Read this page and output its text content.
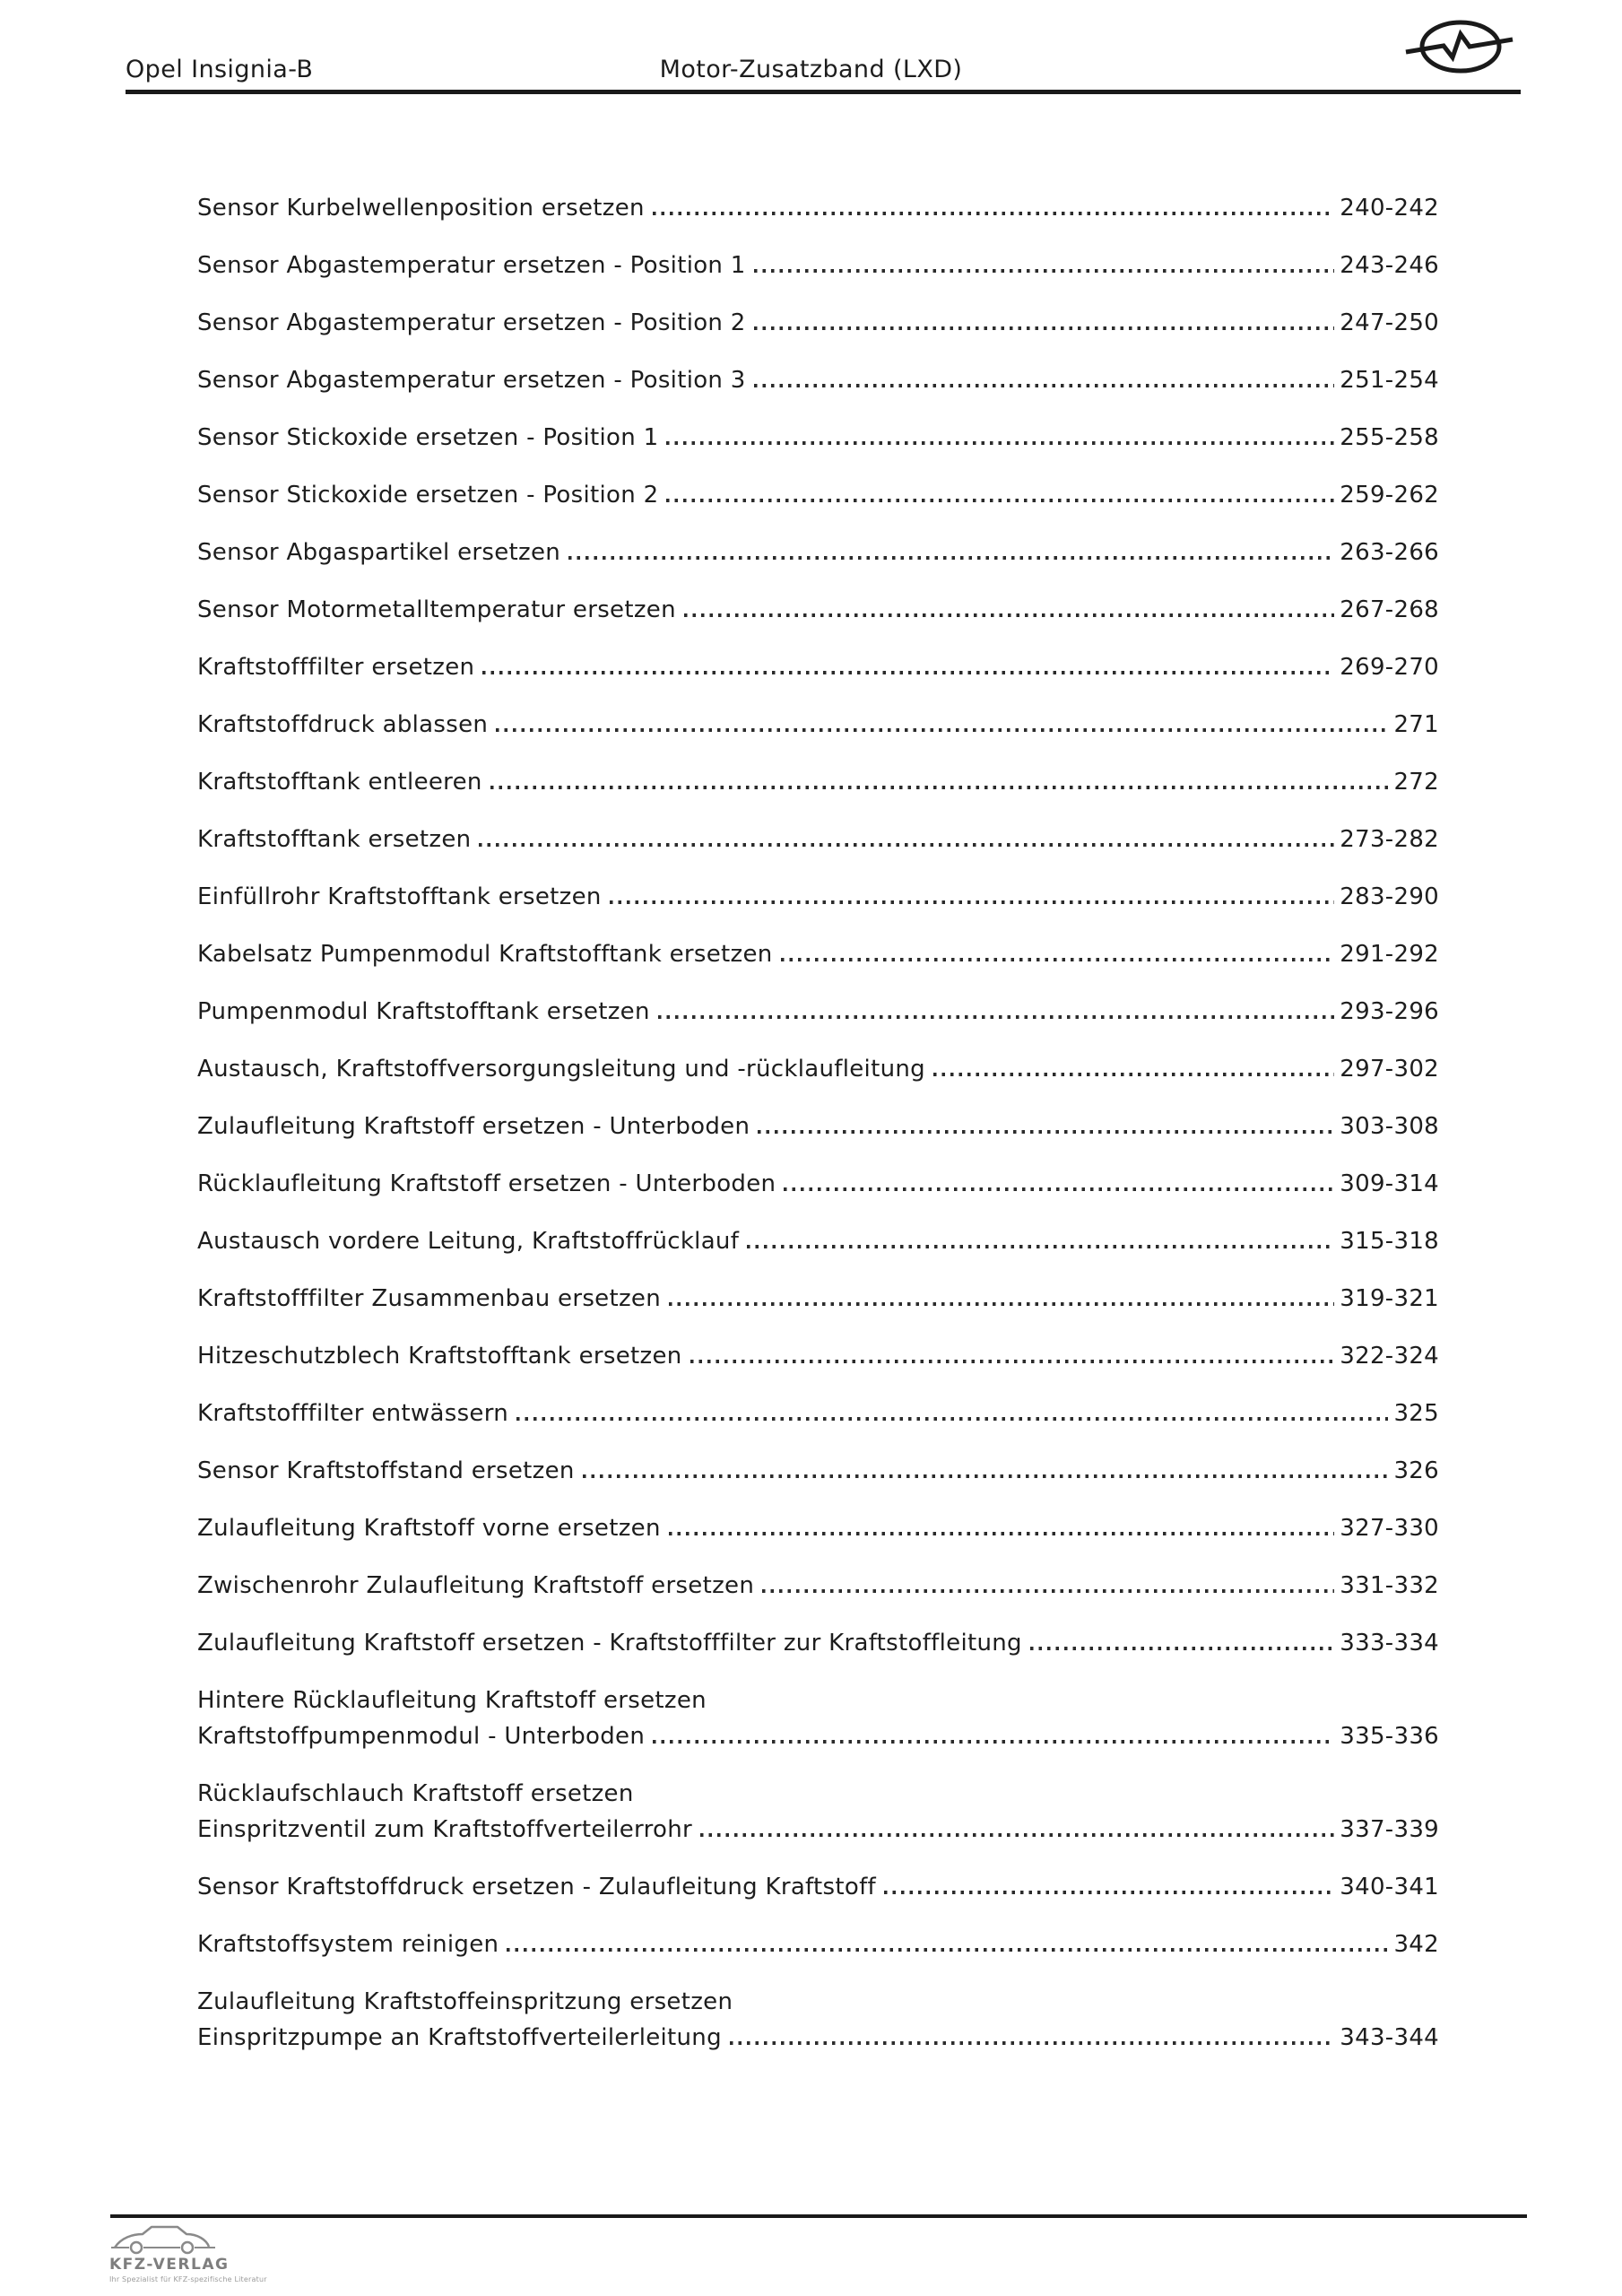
Opel Insignia-B	Motor-Zusatzband (LXD)
Sensor Kurbelwellenposition ersetzen	240-242
Sensor Abgastemperatur ersetzen - Position 1	243-246
Sensor Abgastemperatur ersetzen - Position 2	247-250
Sensor Abgastemperatur ersetzen - Position 3	251-254
Sensor Stickoxide ersetzen - Position 1	255-258
Sensor Stickoxide ersetzen - Position 2	259-262
Sensor Abgaspartikel ersetzen	263-266
Sensor Motormetalltemperatur ersetzen	267-268
Kraftstofffilter ersetzen	269-270
Kraftstoffdruck ablassen	271
Kraftstofftank entleeren	272
Kraftstofftank ersetzen	273-282
Einfüllrohr Kraftstofftank ersetzen	283-290
Kabelsatz Pumpenmodul Kraftstofftank ersetzen	291-292
Pumpenmodul Kraftstofftank ersetzen	293-296
Austausch, Kraftstoffversorgungsleitung und -rücklaufleitung	297-302
Zulaufleitung Kraftstoff ersetzen - Unterboden	303-308
Rücklaufleitung Kraftstoff ersetzen - Unterboden	309-314
Austausch vordere Leitung, Kraftstoffrücklauf	315-318
Kraftstofffilter Zusammenbau ersetzen	319-321
Hitzeschutzblech Kraftstofftank ersetzen	322-324
Kraftstofffilter entwässern	325
Sensor Kraftstoffstand ersetzen	326
Zulaufleitung Kraftstoff vorne ersetzen	327-330
Zwischenrohr Zulaufleitung Kraftstoff ersetzen	331-332
Zulaufleitung Kraftstoff ersetzen - Kraftstofffilter zur Kraftstoffleitung	333-334
Hintere Rücklaufleitung Kraftstoff ersetzen
Kraftstoffpumpenmodul - Unterboden	335-336
Rücklaufschlauch Kraftstoff ersetzen
Einspritzventil zum Kraftstoffverteilerrohr	337-339
Sensor Kraftstoffdruck ersetzen - Zulaufleitung Kraftstoff	340-341
Kraftstoffsystem reinigen	342
Zulaufleitung Kraftstoffeinspritzung ersetzen
Einspritzpumpe an Kraftstoffverteilerleitung	343-344
KFZ-VERLAG
Ihr Spezialist für KFZ-spezifische Literatur
